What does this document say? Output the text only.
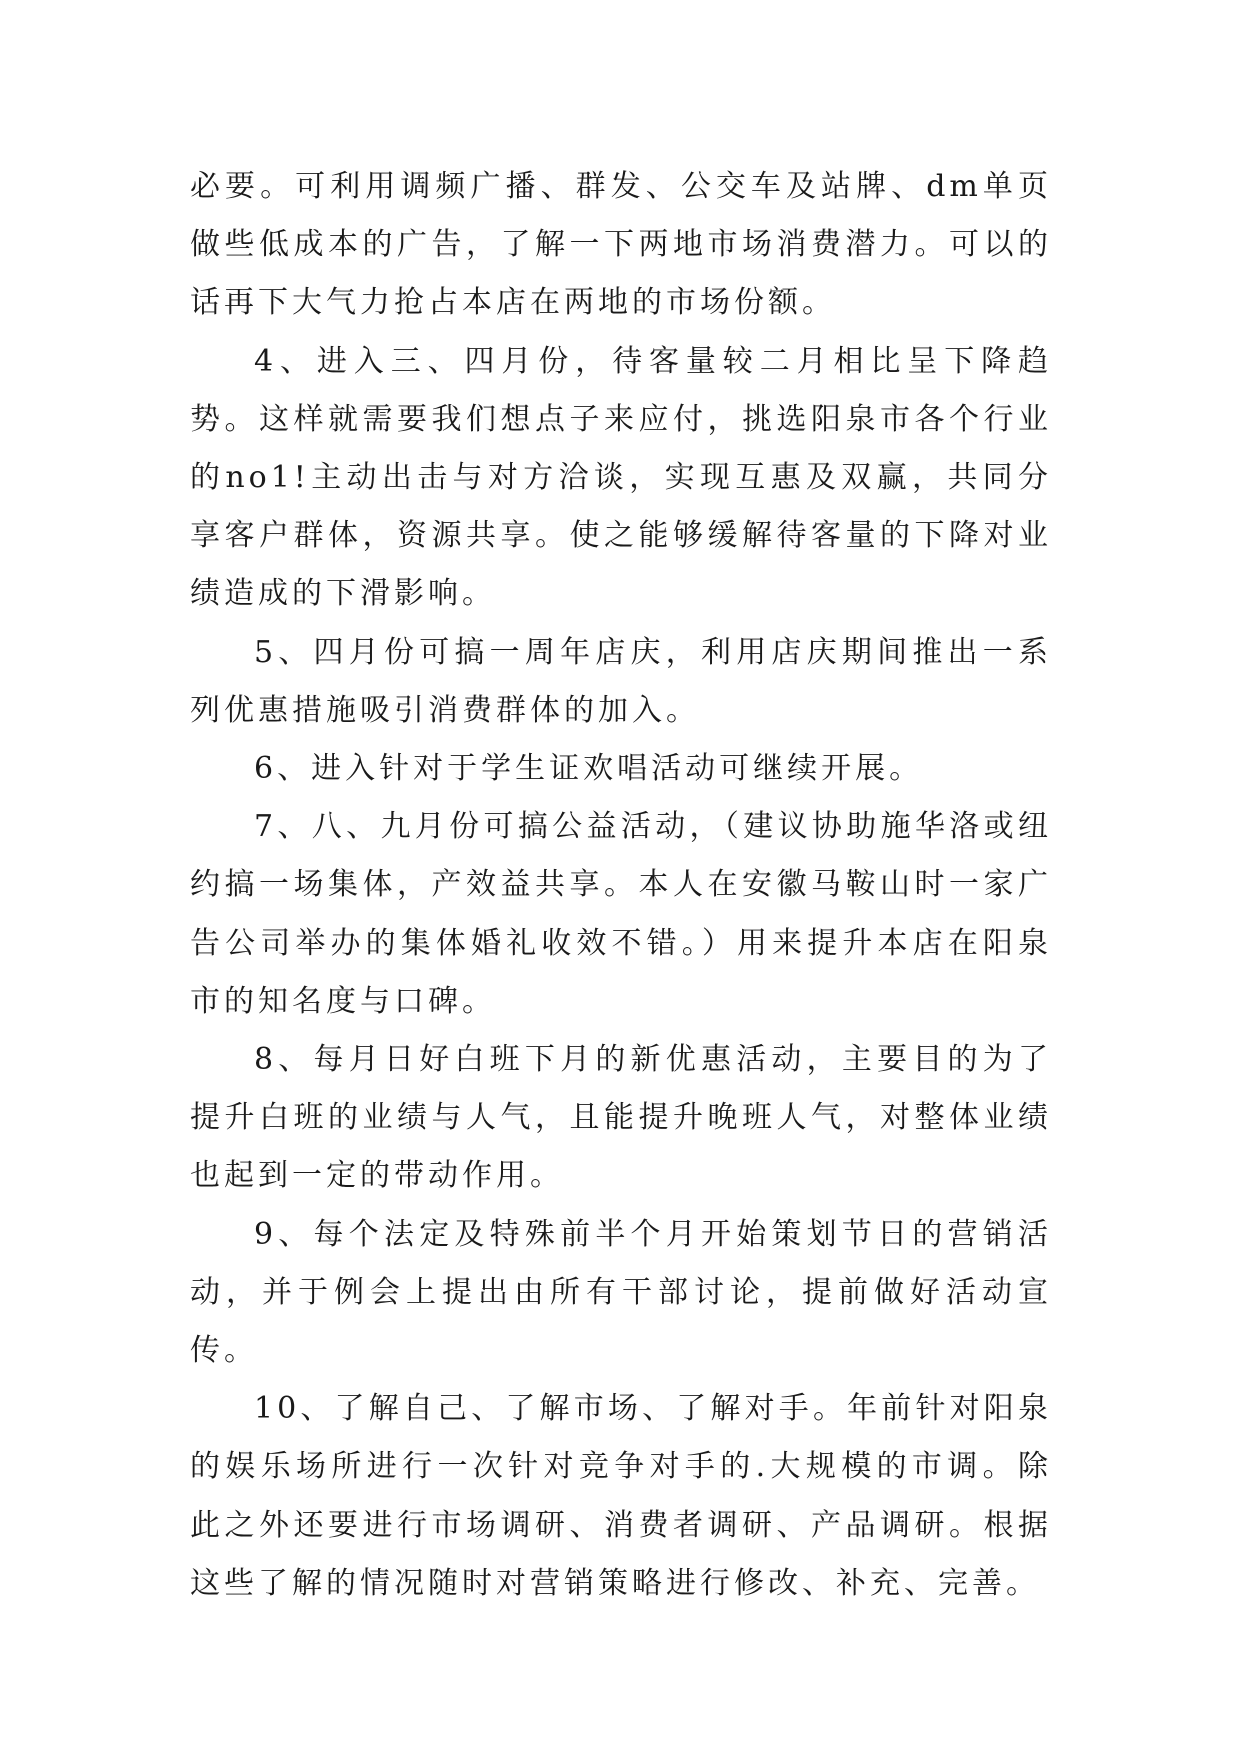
必要。可利用调频广播、群发、公交车及站牌、dm单页做些低成本的广告，了解一下两地市场消费潜力。可以的话再下大气力抢占本店在两地的市场份额。

4、进入三、四月份，待客量较二月相比呈下降趋势。这样就需要我们想点子来应付，挑选阳泉市各个行业的no1!主动出击与对方洽谈，实现互惠及双赢，共同分享客户群体，资源共享。使之能够缓解待客量的下降对业绩造成的下滑影响。

5、四月份可搞一周年店庆，利用店庆期间推出一系列优惠措施吸引消费群体的加入。

6、进入针对于学生证欢唱活动可继续开展。

7、八、九月份可搞公益活动，（建议协助施华洛或纽约搞一场集体，产效益共享。本人在安徽马鞍山时一家广告公司举办的集体婚礼收效不错。）用来提升本店在阳泉市的知名度与口碑。

8、每月日好白班下月的新优惠活动，主要目的为了提升白班的业绩与人气，且能提升晚班人气，对整体业绩也起到一定的带动作用。

9、每个法定及特殊前半个月开始策划节日的营销活动，并于例会上提出由所有干部讨论，提前做好活动宣传。

10、了解自己、了解市场、了解对手。年前针对阳泉的娱乐场所进行一次针对竞争对手的.大规模的市调。除此之外还要进行市场调研、消费者调研、产品调研。根据这些了解的情况随时对营销策略进行修改、补充、完善。
